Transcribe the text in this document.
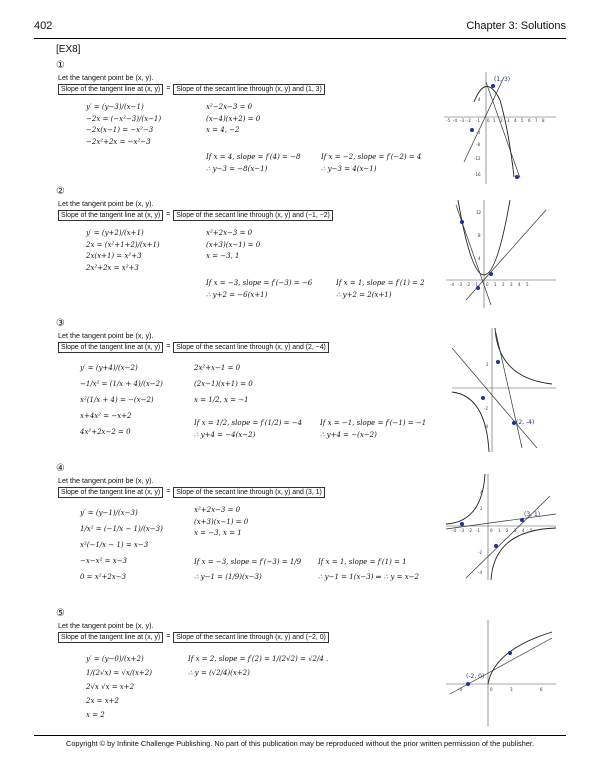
402	Chapter 3: Solutions
[EX8]
①
Let the tangent point be (x, y).
Slope of the tangent line at (x, y) = Slope of the secant line through (x, y) and (1, 3)
y′ = (y−3)/(x−1)
−2x = (−x²−3)/(x−1)
−2x(x−1) = −x²−3
−2x²+2x = −x²−3
x²−2x−3 = 0
(x−4)(x+2) = 0
x = 4, −2
If x = 4, slope = f′(4) = −8
∴ y−3 = −8(x−1)
If x = −2, slope = f′(−2) = 4
∴ y−3 = 4(x−1)
(1, 3)
-5 -4 -3 -2 -1 0 1 2 3 4 5 6 7 8
4
-4
-8
-12
-16
②
Let the tangent point be (x, y).
Slope of the tangent line at (x, y) = Slope of the secant line through (x, y) and (−1, −2)
y′ = (y+2)/(x+1)
2x = (x²+1+2)/(x+1)
2x(x+1) = x²+3
2x²+2x = x²+3
x²+2x−3 = 0
(x+3)(x−1) = 0
x = −3, 1
If x = −3, slope = f′(−3) = −6
∴ y+2 = −6(x+1)
If x = 1, slope = f′(1) = 2
∴ y+2 = 2(x+1)
-4 -3 -2 -1 0 1 2 3 4 5
12
8
4
③
Let the tangent point be (x, y).
Slope of the tangent line at (x, y) = Slope of the secant line through (x, y) and (2, −4)
y′ = (y+4)/(x−2)
−1/x² = (1/x + 4)/(x−2)
x²(1/x + 4) = −(x−2)
x+4x² = −x+2
4x²+2x−2 = 0
2x²+x−1 = 0
(2x−1)(x+1) = 0
x = 1/2, x = −1
If x = 1/2, slope = f′(1/2) = −4
∴ y+4 = −4(x−2)
If x = −1, slope = f′(−1) = −1
∴ y+4 = −(x−2)
(2, -4)
2
-2
-4
④
Let the tangent point be (x, y).
Slope of the tangent line at (x, y) = Slope of the secant line through (x, y) and (3, 1)
y′ = (y−1)/(x−3)
1/x² = (−1/x − 1)/(x−3)
x²(−1/x − 1) = x−3
−x−x² = x−3
0 = x²+2x−3
x²+2x−3 = 0
(x+3)(x−1) = 0
x = −3, x = 1
If x = −3, slope = f′(−3) = 1/9
∴ y−1 = (1/9)(x−3)
If x = 1, slope = f′(1) = 1
∴ y−1 = 1(x−3) ⇒ ∴ y = x−2
(3, 1)
-4 -3 -2 -1	0 1 2 3 4 5
4
2
-2
-4
⑤
Let the tangent point be (x, y).
Slope of the tangent line at (x, y) = Slope of the secant line through (x, y) and (−2, 0)
y′ = (y−0)/(x+2)
1/(2√x) = √x/(x+2)
2√x √x = x+2
2x = x+2
x = 2
If x = 2, slope = f′(2) = 1/(2√2) = √2/4 .
∴ y = (√2/4)(x+2)	(-2, 0)
-3	0	3	6
Copyright © by Infinite Challenge Publishing. No part of this publication may be reproduced without the prior written permission of the publisher.
